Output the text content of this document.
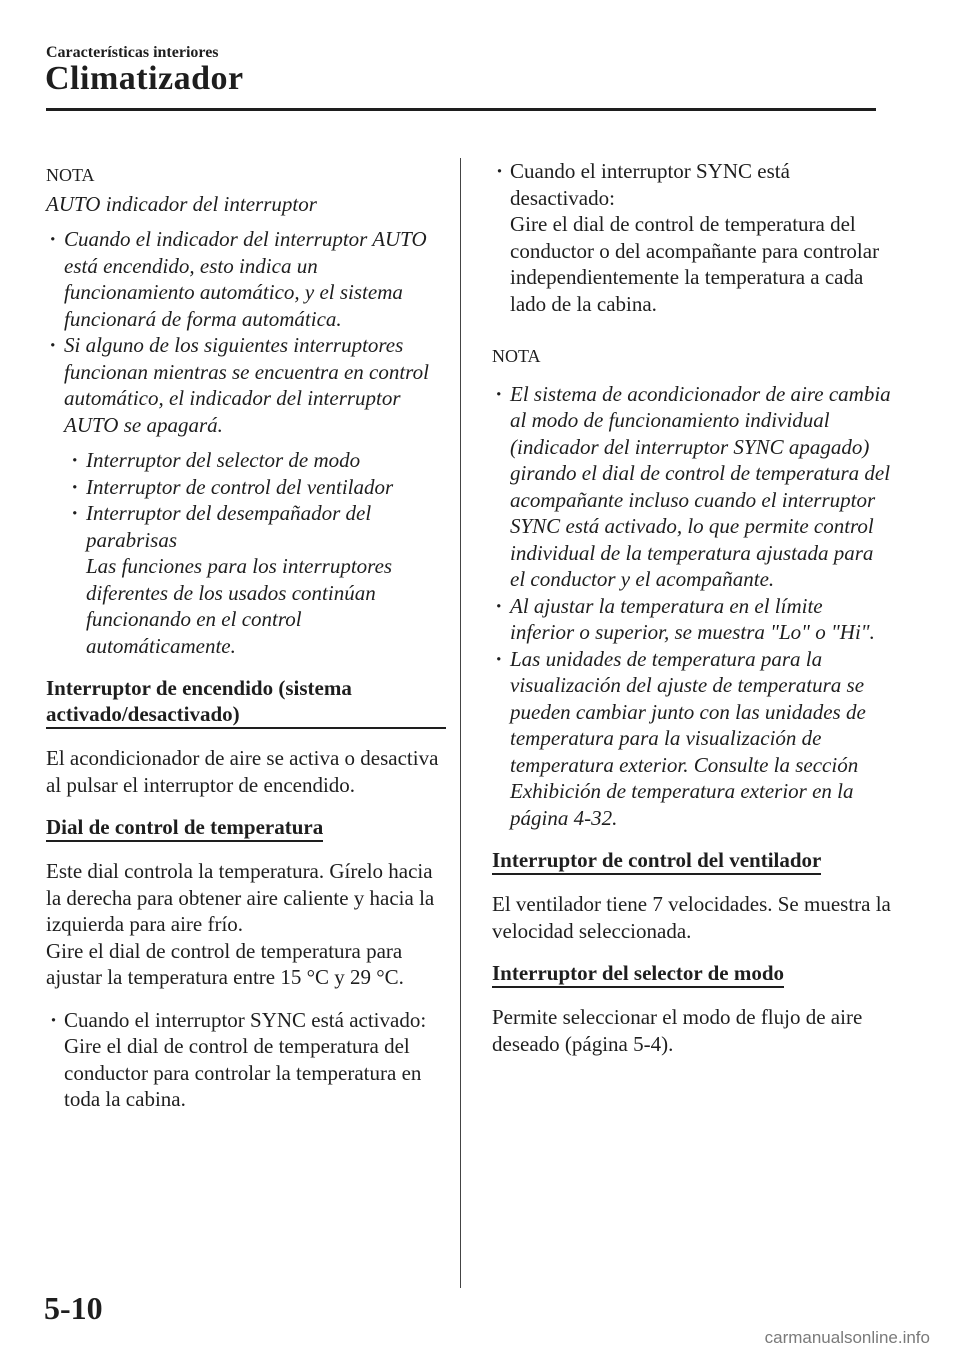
Características interiores
Climatizador
NOTA
AUTO indicador del interruptor
· Cuando el indicador del interruptor AUTO está encendido, esto indica un funcionamiento automático, y el sistema funcionará de forma automática.
· Si alguno de los siguientes interruptores funcionan mientras se encuentra en control automático, el indicador del interruptor AUTO se apagará.
· Interruptor del selector de modo
· Interruptor de control del ventilador
· Interruptor del desempañador del parabrisas
Las funciones para los interruptores diferentes de los usados continúan funcionando en el control automáticamente.
Interruptor de encendido (sistema activado/desactivado)
El acondicionador de aire se activa o desactiva al pulsar el interruptor de encendido.
Dial de control de temperatura
Este dial controla la temperatura. Gírelo hacia la derecha para obtener aire caliente y hacia la izquierda para aire frío.
Gire el dial de control de temperatura para ajustar la temperatura entre 15 °C y 29 °C.
· Cuando el interruptor SYNC está activado:
Gire el dial de control de temperatura del conductor para controlar la temperatura en toda la cabina.
· Cuando el interruptor SYNC está desactivado:
Gire el dial de control de temperatura del conductor o del acompañante para controlar independientemente la temperatura a cada lado de la cabina.
NOTA
· El sistema de acondicionador de aire cambia al modo de funcionamiento individual (indicador del interruptor SYNC apagado) girando el dial de control de temperatura del acompañante incluso cuando el interruptor SYNC está activado, lo que permite control individual de la temperatura ajustada para el conductor y el acompañante.
· Al ajustar la temperatura en el límite inferior o superior, se muestra "Lo" o "Hi".
· Las unidades de temperatura para la visualización del ajuste de temperatura se pueden cambiar junto con las unidades de temperatura para la visualización de temperatura exterior. Consulte la sección Exhibición de temperatura exterior en la página 4-32.
Interruptor de control del ventilador
El ventilador tiene 7 velocidades. Se muestra la velocidad seleccionada.
Interruptor del selector de modo
Permite seleccionar el modo de flujo de aire deseado (página 5-4).
5-10
carmanualsonline.info
